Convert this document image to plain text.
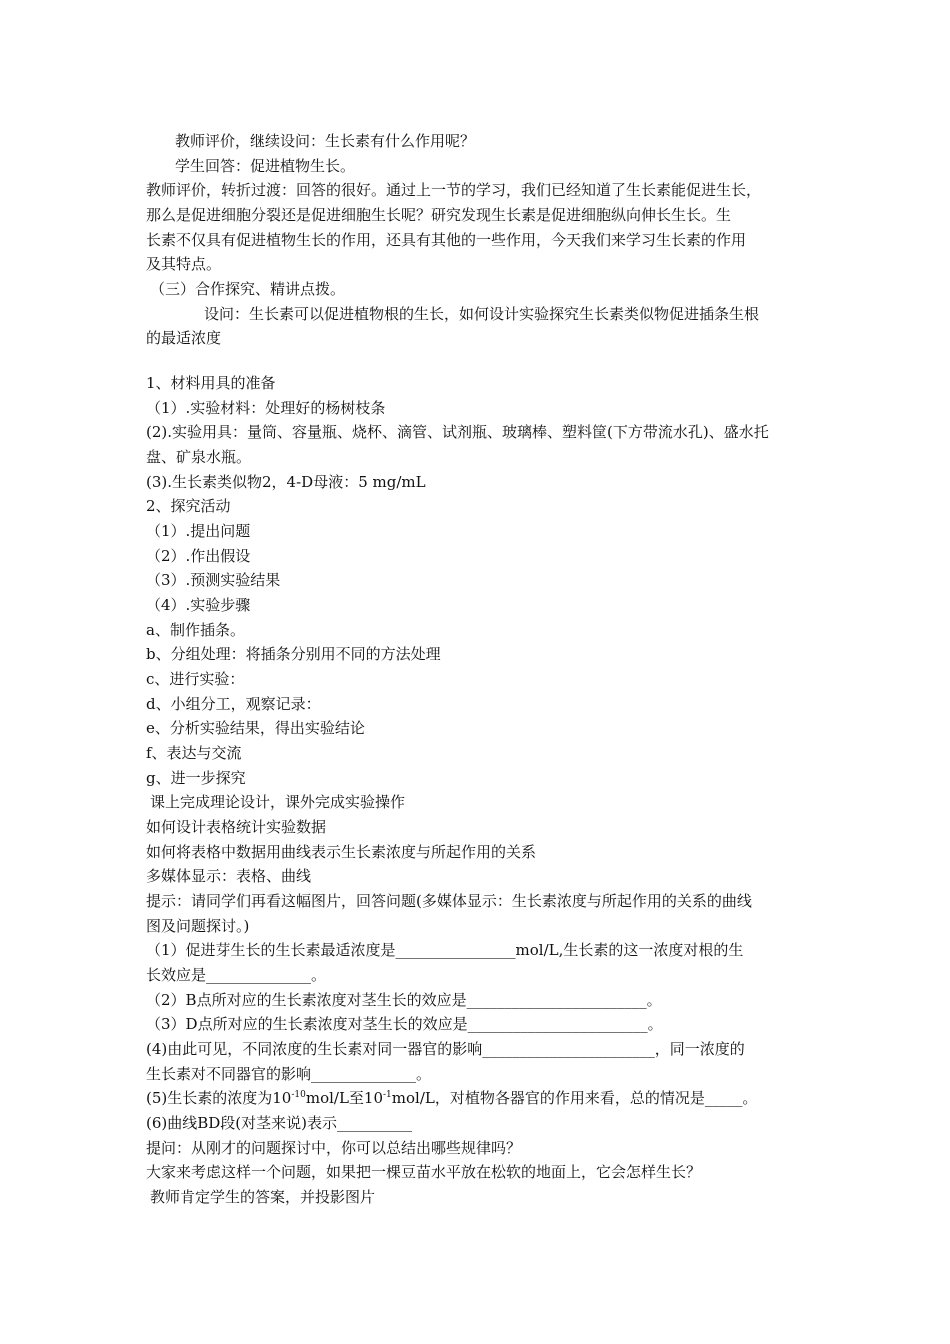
教师评价，继续设问：生长素有什么作用呢？
学生回答：促进植物生长。
教师评价，转折过渡：回答的很好。通过上一节的学习，我们已经知道了生长素能促进生长，
那么是促进细胞分裂还是促进细胞生长呢？研究发现生长素是促进细胞纵向伸长生长。生
长素不仅具有促进植物生长的作用，还具有其他的一些作用，今天我们来学习生长素的作用
及其特点。
（三）合作探究、精讲点拨。
设问：生长素可以促进植物根的生长，如何设计实验探究生长素类似物促进插条生根
的最适浓度
1、材料用具的准备
（1）.实验材料：处理好的杨树枝条
(2).实验用具：量筒、容量瓶、烧杯、滴管、试剂瓶、玻璃棒、塑料筐(下方带流水孔)、盛水托
盘、矿泉水瓶。
(3).生长素类似物2，4-D母液：5 mg/mL
2、探究活动
（1）.提出问题
（2）.作出假设
（3）.预测实验结果
（4）.实验步骤
a、制作插条。
b、分组处理：将插条分别用不同的方法处理
c、进行实验：
d、小组分工，观察记录：
e、分析实验结果，得出实验结论
f、表达与交流
g、进一步探究
课上完成理论设计，课外完成实验操作
如何设计表格统计实验数据
如何将表格中数据用曲线表示生长素浓度与所起作用的关系
多媒体显示：表格、曲线
提示：请同学们再看这幅图片，回答问题(多媒体显示：生长素浓度与所起作用的关系的曲线
图及问题探讨。)
（1）促进芽生长的生长素最适浓度是________________mol/L,生长素的这一浓度对根的生
长效应是______________。
（2）B点所对应的生长素浓度对茎生长的效应是________________________。
（3）D点所对应的生长素浓度对茎生长的效应是________________________。
(4)由此可见，不同浓度的生长素对同一器官的影响_______________________，同一浓度的
生长素对不同器官的影响______________。
(5)生长素的浓度为$10^{-10}mol/L$至$10^{-1}mol/L$，对植物各器官的作用来看，总的情况是_____。
(6)曲线BD段(对茎来说)表示__________
提问：从刚才的问题探讨中，你可以总结出哪些规律吗？
大家来考虑这样一个问题，如果把一棵豆苗水平放在松软的地面上，它会怎样生长？
教师肯定学生的答案，并投影图片
